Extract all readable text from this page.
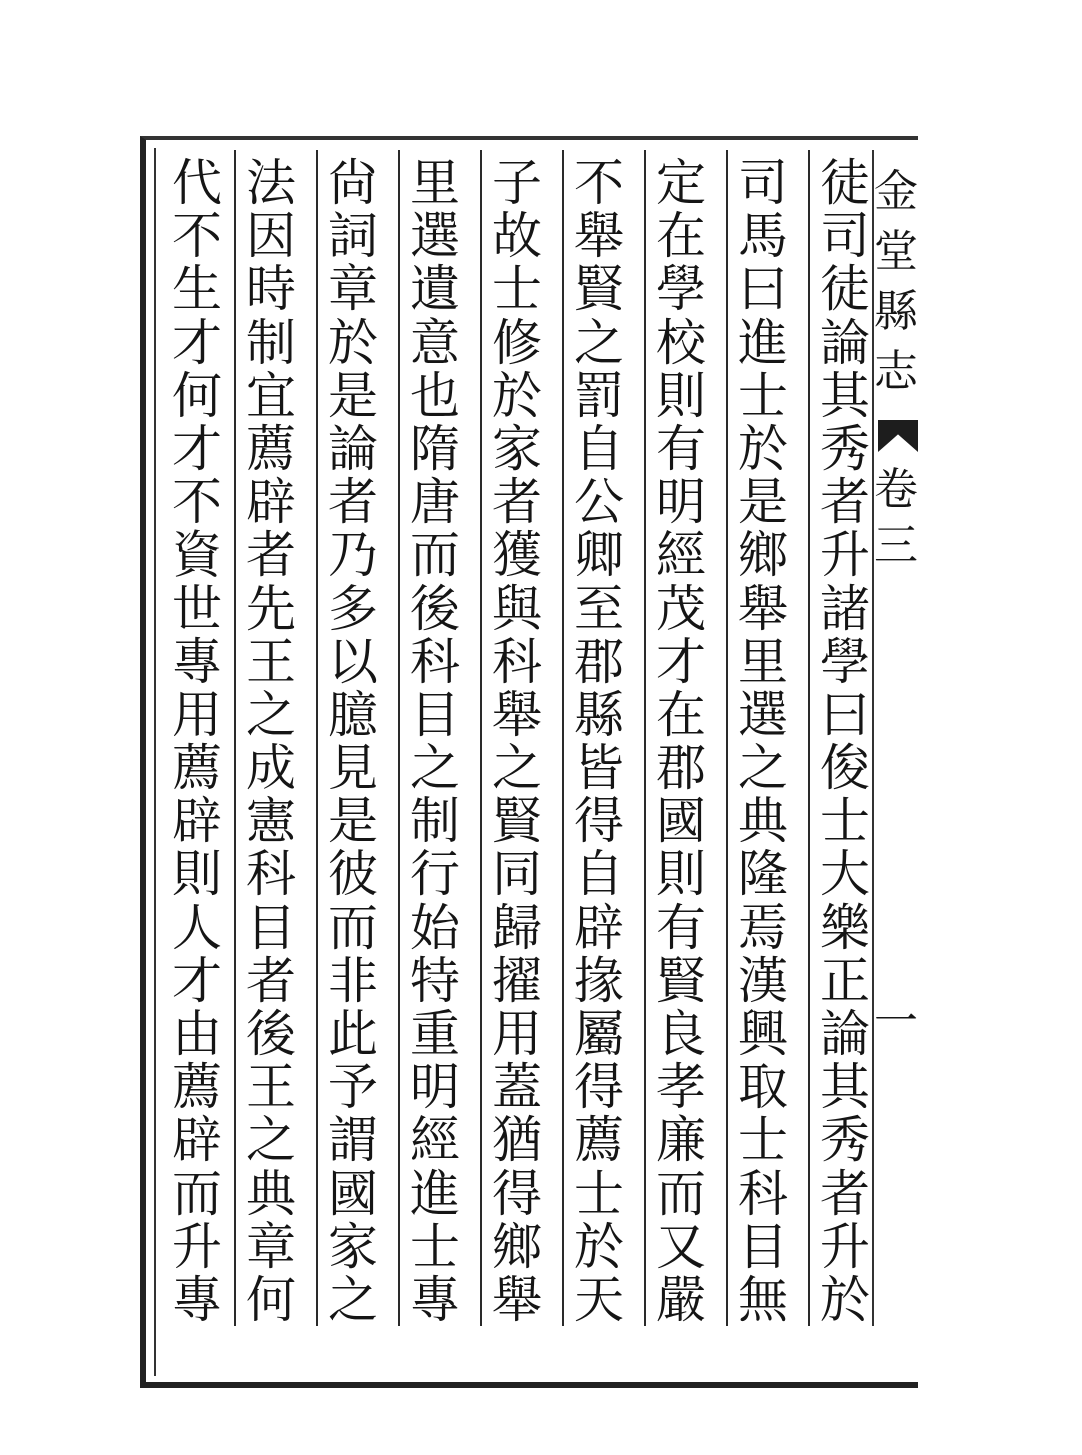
徒
司
徒
論
其
秀
者
升
諸
學
曰
俊
士
大
樂
正
論
其
秀
者
升
於
司
馬
曰
進
士
於
是
鄉
舉
里
選
之
典
隆
焉
漢
興
取
士
科
目
無
定
在
學
校
則
有
明
經
茂
才
在
郡
國
則
有
賢
良
孝
廉
而
又
嚴
不
舉
賢
之
罰
自
公
卿
至
郡
縣
皆
得
自
辟
掾
屬
得
薦
士
於
天
子
故
士
修
於
家
者
獲
與
科
舉
之
賢
同
歸
擢
用
蓋
猶
得
鄉
舉
里
選
遺
意
也
隋
唐
而
後
科
目
之
制
行
始
特
重
明
經
進
士
專
尙
詞
章
於
是
論
者
乃
多
以
臆
見
是
彼
而
非
此
予
謂
國
家
之
法
因
時
制
宜
薦
辟
者
先
王
之
成
憲
科
目
者
後
王
之
典
章
何
代
不
生
才
何
才
不
資
世
專
用
薦
辟
則
人
才
由
薦
辟
而
升
專
金
堂
縣
志
卷
三
一
